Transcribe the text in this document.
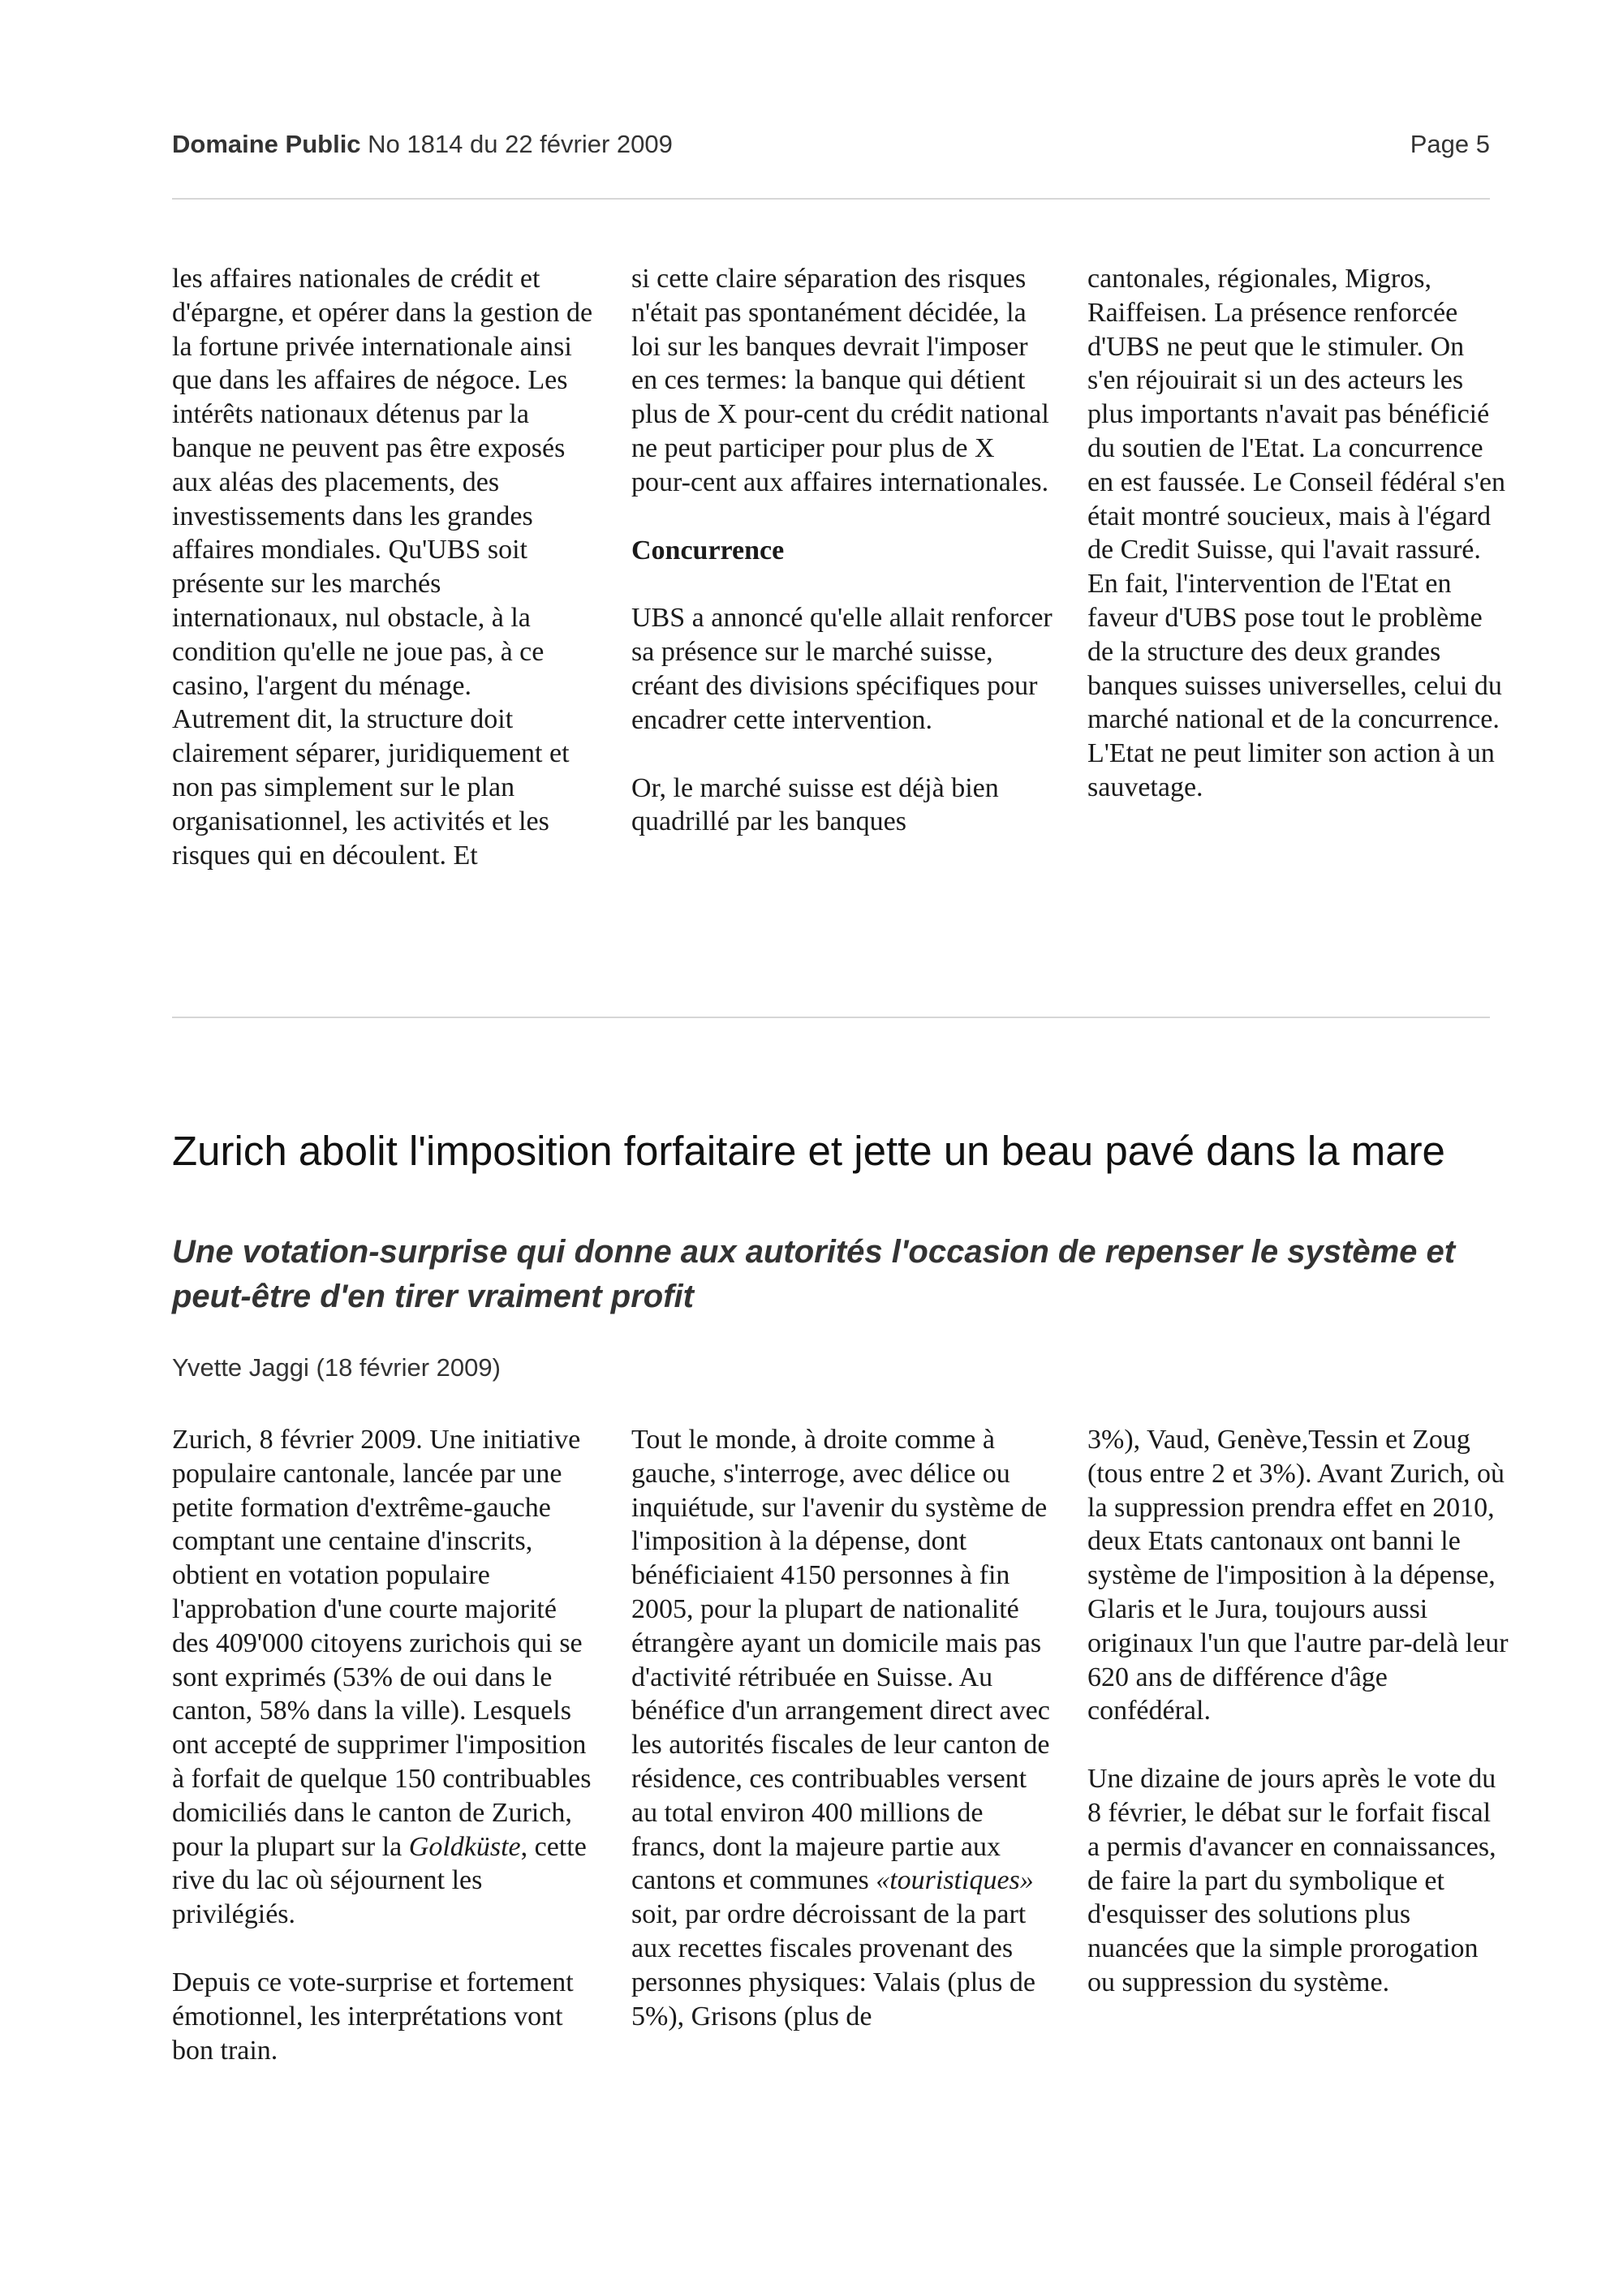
Domaine Public No 1814 du 22 février 2009	Page 5

les affaires nationales de crédit et d'épargne, et opérer dans la gestion de la fortune privée internationale ainsi que dans les affaires de négoce. Les intérêts nationaux détenus par la banque ne peuvent pas être exposés aux aléas des placements, des investissements dans les grandes affaires mondiales. Qu'UBS soit présente sur les marchés internationaux, nul obstacle, à la condition qu'elle ne joue pas, à ce casino, l'argent du ménage. Autrement dit, la structure doit clairement séparer, juridiquement et non pas simplement sur le plan organisationnel, les activités et les risques qui en découlent. Et

si cette claire séparation des risques n'était pas spontanément décidée, la loi sur les banques devrait l'imposer en ces termes: la banque qui détient plus de X pour-cent du crédit national ne peut participer pour plus de X pour-cent aux affaires internationales.

Concurrence

UBS a annoncé qu'elle allait renforcer sa présence sur le marché suisse, créant des divisions spécifiques pour encadrer cette intervention.

Or, le marché suisse est déjà bien quadrillé par les banques

cantonales, régionales, Migros, Raiffeisen. La présence renforcée d'UBS ne peut que le stimuler. On s'en réjouirait si un des acteurs les plus importants n'avait pas bénéficié du soutien de l'Etat. La concurrence en est faussée. Le Conseil fédéral s'en était montré soucieux, mais à l'égard de Credit Suisse, qui l'avait rassuré. En fait, l'intervention de l'Etat en faveur d'UBS pose tout le problème de la structure des deux grandes banques suisses universelles, celui du marché national et de la concurrence. L'Etat ne peut limiter son action à un sauvetage.

Zurich abolit l'imposition forfaitaire et jette un beau pavé dans la mare
Une votation-surprise qui donne aux autorités l'occasion de repenser le système et peut-être d'en tirer vraiment profit
Yvette Jaggi (18 février 2009)

Zurich, 8 février 2009. Une initiative populaire cantonale, lancée par une petite formation d'extrême-gauche comptant une centaine d'inscrits, obtient en votation populaire l'approbation d'une courte majorité des 409'000 citoyens zurichois qui se sont exprimés (53% de oui dans le canton, 58% dans la ville). Lesquels ont accepté de supprimer l'imposition à forfait de quelque 150 contribuables domiciliés dans le canton de Zurich, pour la plupart sur la Goldküste, cette rive du lac où séjournent les privilégiés.

Depuis ce vote-surprise et fortement émotionnel, les interprétations vont bon train.

Tout le monde, à droite comme à gauche, s'interroge, avec délice ou inquiétude, sur l'avenir du système de l'imposition à la dépense, dont bénéficiaient 4150 personnes à fin 2005, pour la plupart de nationalité étrangère ayant un domicile mais pas d'activité rétribuée en Suisse. Au bénéfice d'un arrangement direct avec les autorités fiscales de leur canton de résidence, ces contribuables versent au total environ 400 millions de francs, dont la majeure partie aux cantons et communes «touristiques» soit, par ordre décroissant de la part aux recettes fiscales provenant des personnes physiques: Valais (plus de 5%), Grisons (plus de

3%), Vaud, Genève,Tessin et Zoug (tous entre 2 et 3%). Avant Zurich, où la suppression prendra effet en 2010, deux Etats cantonaux ont banni le système de l'imposition à la dépense, Glaris et le Jura, toujours aussi originaux l'un que l'autre par-delà leur 620 ans de différence d'âge confédéral.

Une dizaine de jours après le vote du 8 février, le débat sur le forfait fiscal a permis d'avancer en connaissances, de faire la part du symbolique et d'esquisser des solutions plus nuancées que la simple prorogation ou suppression du système.
